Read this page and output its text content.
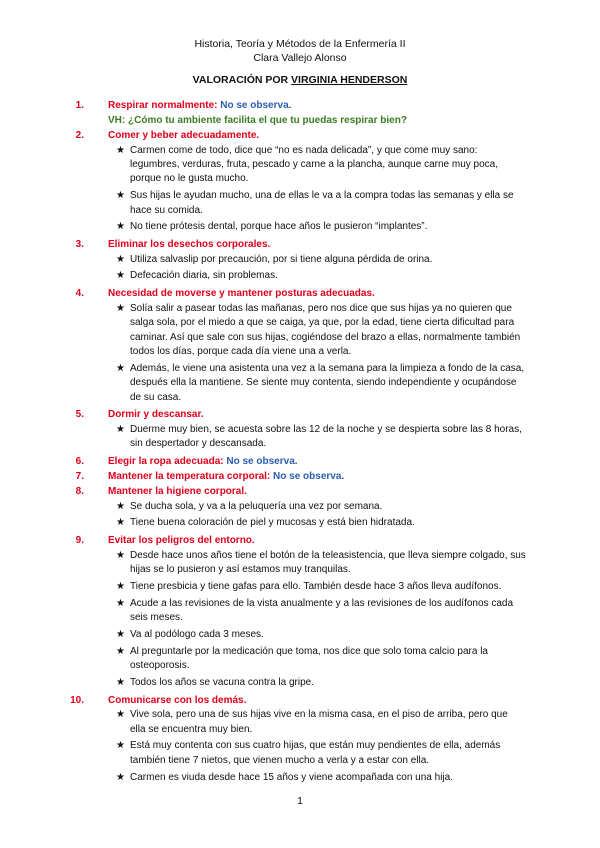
Historia, Teoría y Métodos de la Enfermería II
Clara Vallejo Alonso
VALORACIÓN POR VIRGINIA HENDERSON
1. Respirar normalmente: No se observa.
VH: ¿Cómo tu ambiente facilita el que tu puedas respirar bien?
2. Comer y beber adecuadamente.
★ Carmen come de todo, dice que “no es nada delicada”, y que come muy sano: legumbres, verduras, fruta, pescado y carne a la plancha, aunque carne muy poca, porque no le gusta mucho.
★ Sus hijas le ayudan mucho, una de ellas le va a la compra todas las semanas y ella se hace su comida.
★ No tiene prótesis dental, porque hace años le pusieron “implantes”.
3. Eliminar los desechos corporales.
★ Utiliza salvaslip por precaución, por si tiene alguna pérdida de orina.
★ Defecación diaria, sin problemas.
4. Necesidad de moverse y mantener posturas adecuadas.
★ Solía salir a pasear todas las mañanas, pero nos dice que sus hijas ya no quieren que salga sola, por el miedo a que se caiga, ya que, por la edad, tiene cierta dificultad para caminar. Así que sale con sus hijas, cogiéndose del brazo a ellas, normalmente también todos los días, porque cada día viene una a verla.
★ Además, le viene una asistenta una vez a la semana para la limpieza a fondo de la casa, después ella la mantiene. Se siente muy contenta, siendo independiente y ocupándose de su casa.
5. Dormir y descansar.
★ Duerme muy bien, se acuesta sobre las 12 de la noche y se despierta sobre las 8 horas, sin despertador y descansada.
6. Elegir la ropa adecuada: No se observa.
7. Mantener la temperatura corporal: No se observa.
8. Mantener la higiene corporal.
★ Se ducha sola, y va a la peluquería una vez por semana.
★ Tiene buena coloración de piel y mucosas y está bien hidratada.
9. Evitar los peligros del entorno.
★ Desde hace unos años tiene el botón de la teleasistencia, que lleva siempre colgado, sus hijas se lo pusieron y así estamos muy tranquilas.
★ Tiene presbicia y tiene gafas para ello. También desde hace 3 años lleva audífonos.
★ Acude a las revisiones de la vista anualmente y a las revisiones de los audífonos cada seis meses.
★ Va al podólogo cada 3 meses.
★ Al preguntarle por la medicación que toma, nos dice que solo toma calcio para la osteoporosis.
★ Todos los años se vacuna contra la gripe.
10. Comunicarse con los demás.
★ Vive sola, pero una de sus hijas vive en la misma casa, en el piso de arriba, pero que ella se encuentra muy bien.
★ Está muy contenta con sus cuatro hijas, que están muy pendientes de ella, además también tiene 7 nietos, que vienen mucho a verla y a estar con ella.
★ Carmen es viuda desde hace 15 años y viene acompañada con una hija.
1
